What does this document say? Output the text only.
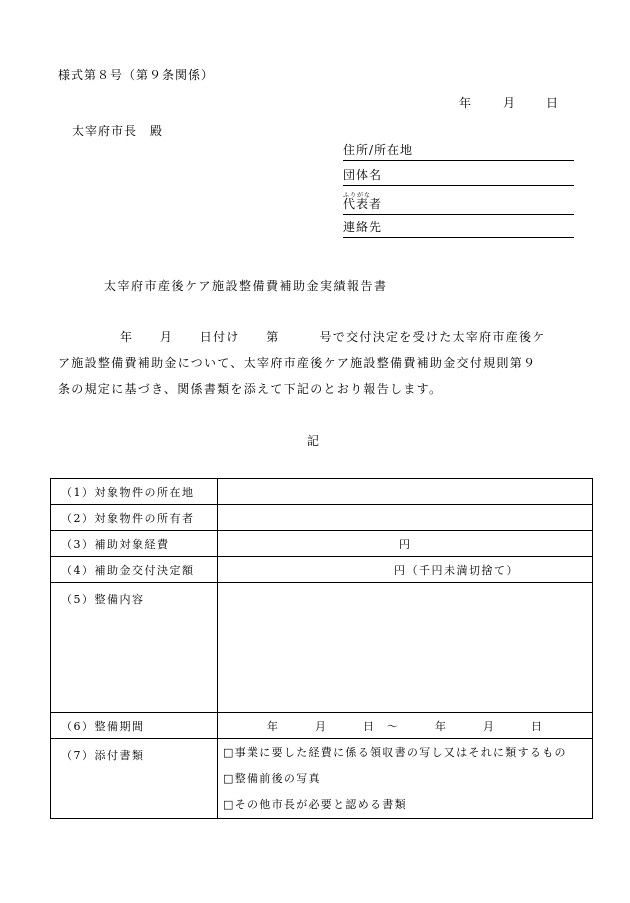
様式第８号（第９条関係）
年	月	日
太宰府市長　殿
住所/所在地
団体名
ふりがな
代表者
連絡先
太宰府市産後ケア施設整備費補助金実績報告書
年　　月　　日付け　　第　　　号で交付決定を受けた太宰府市産後ケ
ア施設整備費補助金について、太宰府市産後ケア施設整備費補助金交付規則第９
条の規定に基づき、関係書類を添えて下記のとおり報告します。
記
（1）対象物件の所在地	
（2）対象物件の所有者	
（3）補助対象経費	円
（4）補助金交付決定額	円（千円未満切捨て）
（5）整備内容	
（6）整備期間	年　　　月　　　日　～　　　年　　　月　　　日
（7）添付書類	□事業に要した経費に係る領収書の写し又はそれに類するもの
□整備前後の写真
□その他市長が必要と認める書類
